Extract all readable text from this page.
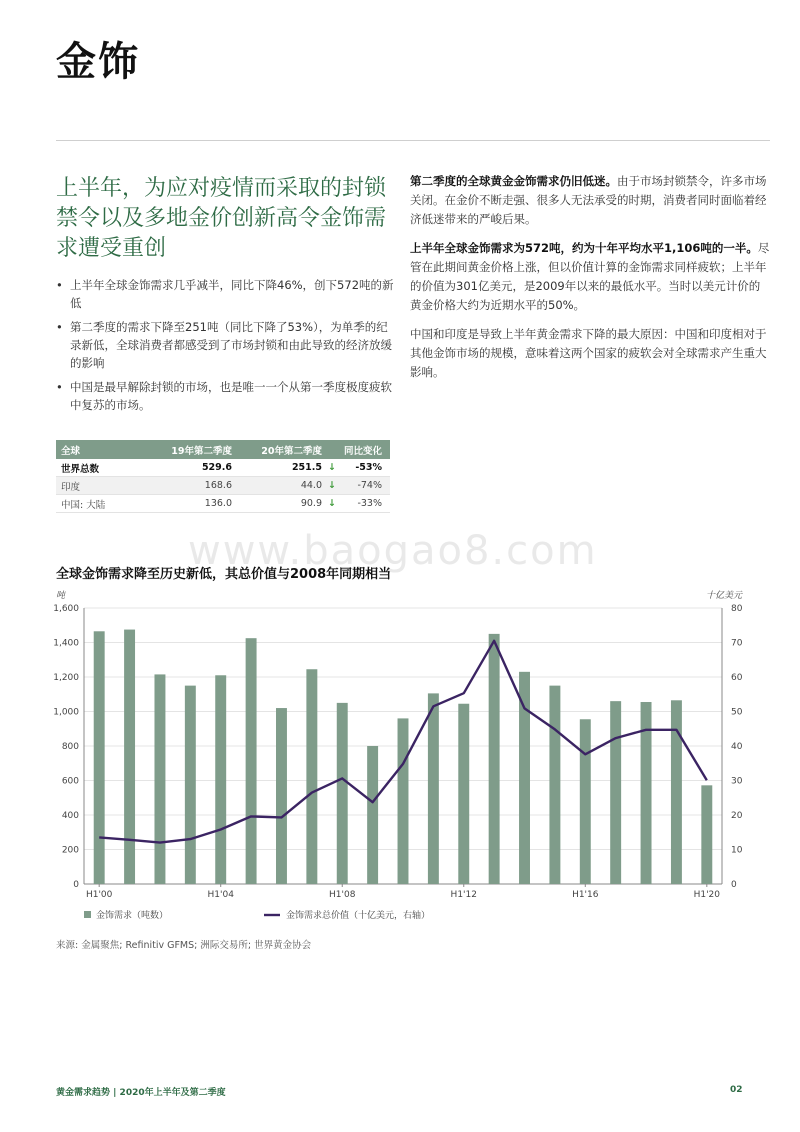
金饰
上半年，为应对疫情而采取的封锁禁令以及多地金价创新高令金饰需求遭受重创
• 上半年全球金饰需求几乎减半，同比下降46%，创下572吨的新低
• 第二季度的需求下降至251吨（同比下降了53%），为单季的纪录新低，全球消费者都感受到了市场封锁和由此导致的经济放缓的影响
• 中国是最早解除封锁的市场，也是唯一一个从第一季度极度疲软中复苏的市场。

第二季度的全球黄金金饰需求仍旧低迷。由于市场封锁禁令，许多市场关闭。在金价不断走强、很多人无法承受的时期，消费者同时面临着经济低迷带来的严峻后果。

上半年全球金饰需求为572吨，约为十年平均水平1,106吨的一半。尽管在此期间黄金价格上涨，但以价值计算的金饰需求同样疲软；上半年的价值为301亿美元，是2009年以来的最低水平。当时以美元计价的黄金价格大约为近期水平的50%。

中国和印度是导致上半年黄金需求下降的最大原因：中国和印度相对于其他金饰市场的规模，意味着这两个国家的疲软会对全球需求产生重大影响。

全球	19年第二季度	20年第二季度 同比变化
世界总数	529.6	251.5 ↓	-53%
印度	168.6	44.0 ↓	-74%
中国: 大陆	136.0	90.9 ↓	-33%
www.baogao8.com
全球金饰需求降至历史新低，其总价值与2008年同期相当
吨	十亿美元
0
200
400
600
800
1,000
1,200
1,400
1,600
0
10
20
30
40
50
60
70
80
H1'00	H1'04	H1'08	H1'12	H1'16	H1'20
金饰需求（吨数）	金饰需求总价值（十亿美元，右轴）
来源: 金属聚焦; Refinitiv GFMS; 洲际交易所; 世界黄金协会
黄金需求趋势 | 2020年上半年及第二季度	02
